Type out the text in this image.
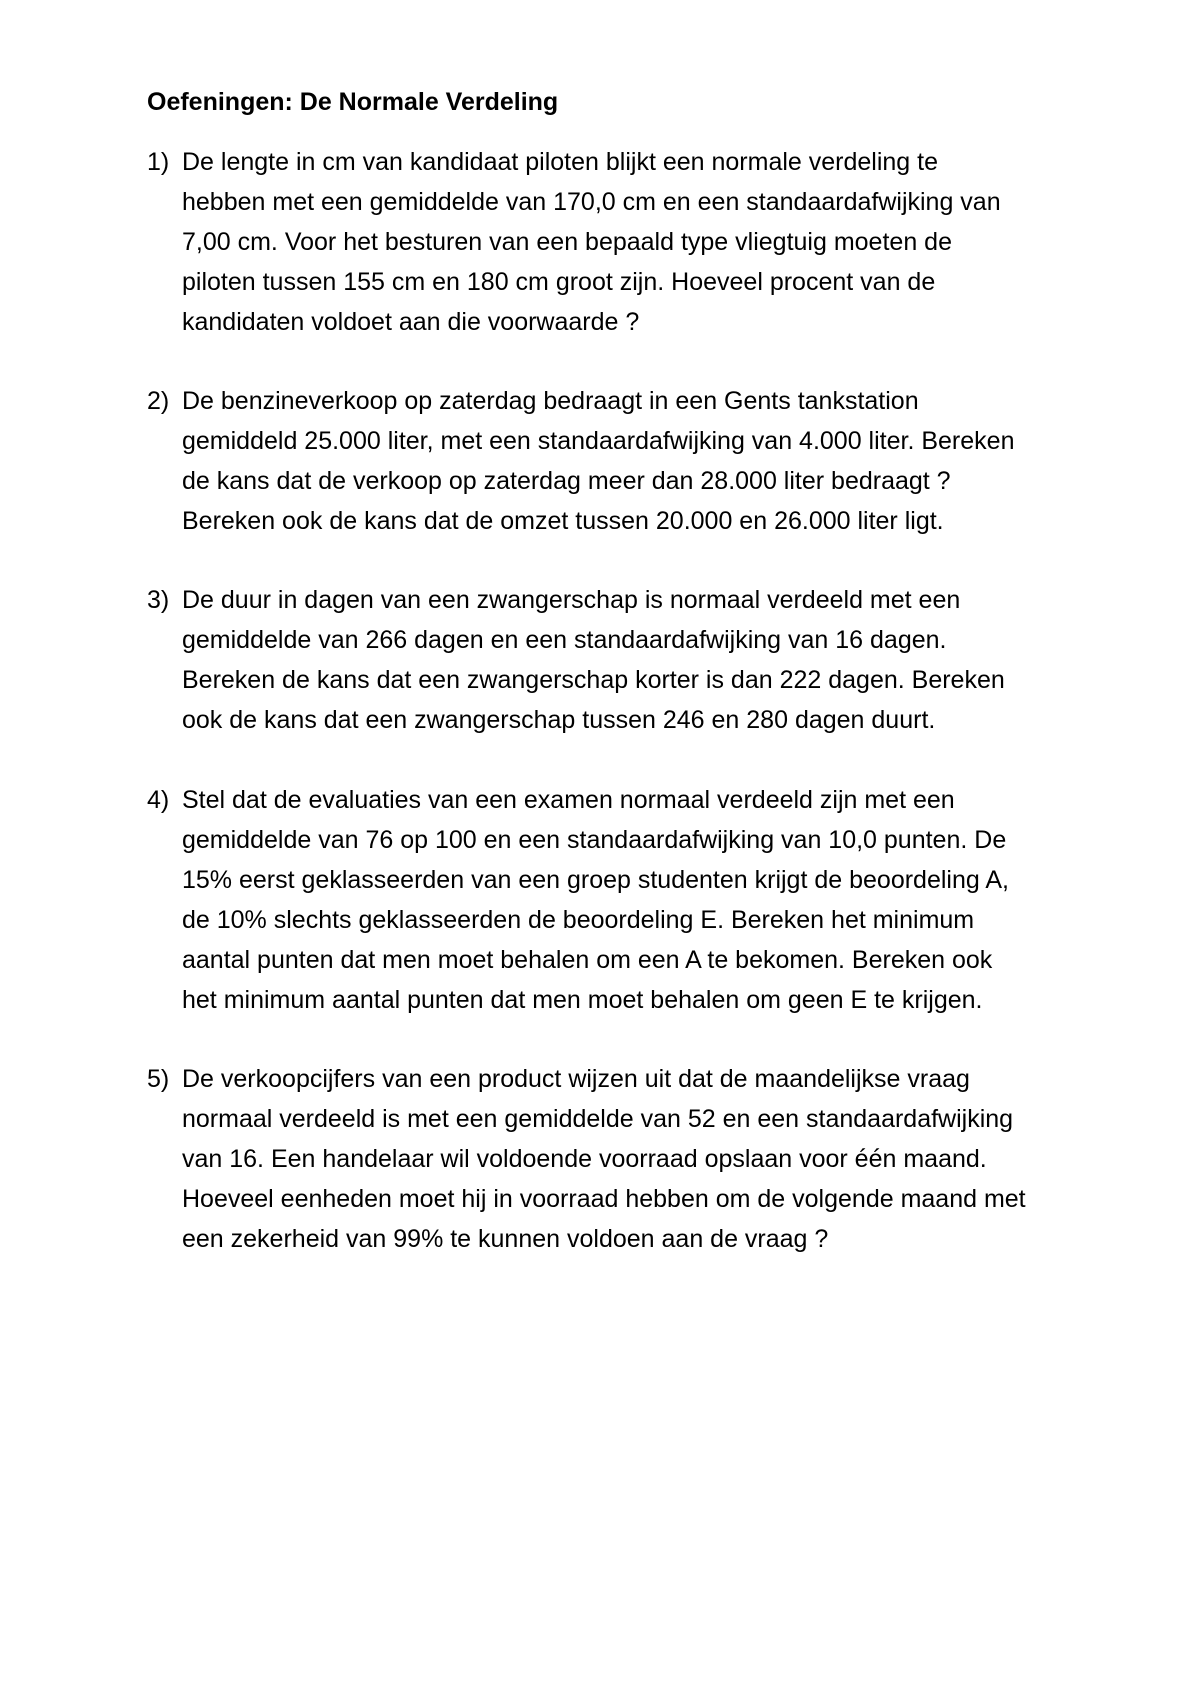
Oefeningen: De Normale Verdeling
1) De lengte in cm van kandidaat piloten blijkt een normale verdeling te
hebben met een gemiddelde van 170,0 cm en een standaardafwijking van
7,00 cm. Voor het besturen van een bepaald type vliegtuig moeten de
piloten tussen 155 cm en 180 cm groot zijn. Hoeveel procent van de
kandidaten voldoet aan die voorwaarde ?
2) De benzineverkoop op zaterdag bedraagt in een Gents tankstation
gemiddeld 25.000 liter, met een standaardafwijking van 4.000 liter. Bereken
de kans dat de verkoop op zaterdag meer dan 28.000 liter bedraagt ?
Bereken ook de kans dat de omzet tussen 20.000 en 26.000 liter ligt.
3) De duur in dagen van een zwangerschap is normaal verdeeld met een
gemiddelde van 266 dagen en een standaardafwijking van 16 dagen.
Bereken de kans dat een zwangerschap korter is dan 222 dagen. Bereken
ook de kans dat een zwangerschap tussen 246 en 280 dagen duurt.
4) Stel dat de evaluaties van een examen normaal verdeeld zijn met een
gemiddelde van 76 op 100 en een standaardafwijking van 10,0 punten. De
15% eerst geklasseerden van een groep studenten krijgt de beoordeling A,
de 10% slechts geklasseerden de beoordeling E. Bereken het minimum
aantal punten dat men moet behalen om een A te bekomen. Bereken ook
het minimum aantal punten dat men moet behalen om geen E te krijgen.
5) De verkoopcijfers van een product wijzen uit dat de maandelijkse vraag
normaal verdeeld is met een gemiddelde van 52 en een standaardafwijking
van 16. Een handelaar wil voldoende voorraad opslaan voor één maand.
Hoeveel eenheden moet hij in voorraad hebben om de volgende maand met
een zekerheid van 99% te kunnen voldoen aan de vraag ?
